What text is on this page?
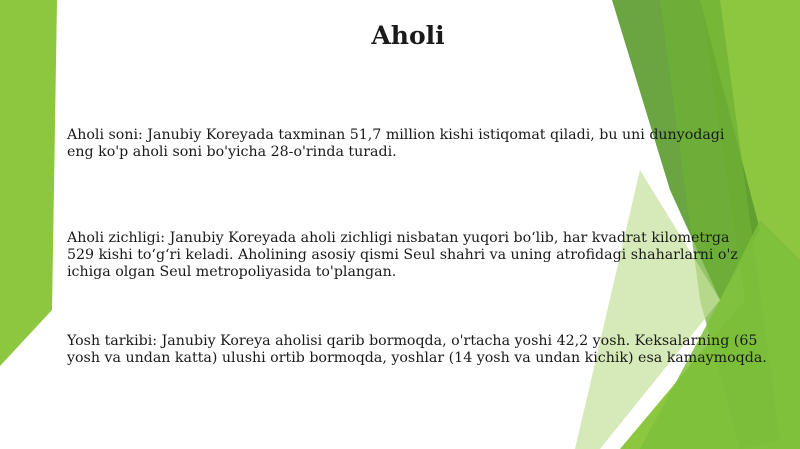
Aholi

Aholi soni: Janubiy Koreyada taxminan 51,7 million kishi istiqomat qiladi, bu uni dunyodagi
eng ko'p aholi soni bo'yicha 28-o'rinda turadi.

Aholi zichligi: Janubiy Koreyada aholi zichligi nisbatan yuqori bo‘lib, har kvadrat kilometrga
529 kishi to‘g‘ri keladi. Aholining asosiy qismi Seul shahri va uning atrofidagi shaharlarni o'z
ichiga olgan Seul metropoliyasida to'plangan.

Yosh tarkibi: Janubiy Koreya aholisi qarib bormoqda, o'rtacha yoshi 42,2 yosh. Keksalarning (65
yosh va undan katta) ulushi ortib bormoqda, yoshlar (14 yosh va undan kichik) esa kamaymoqda.
